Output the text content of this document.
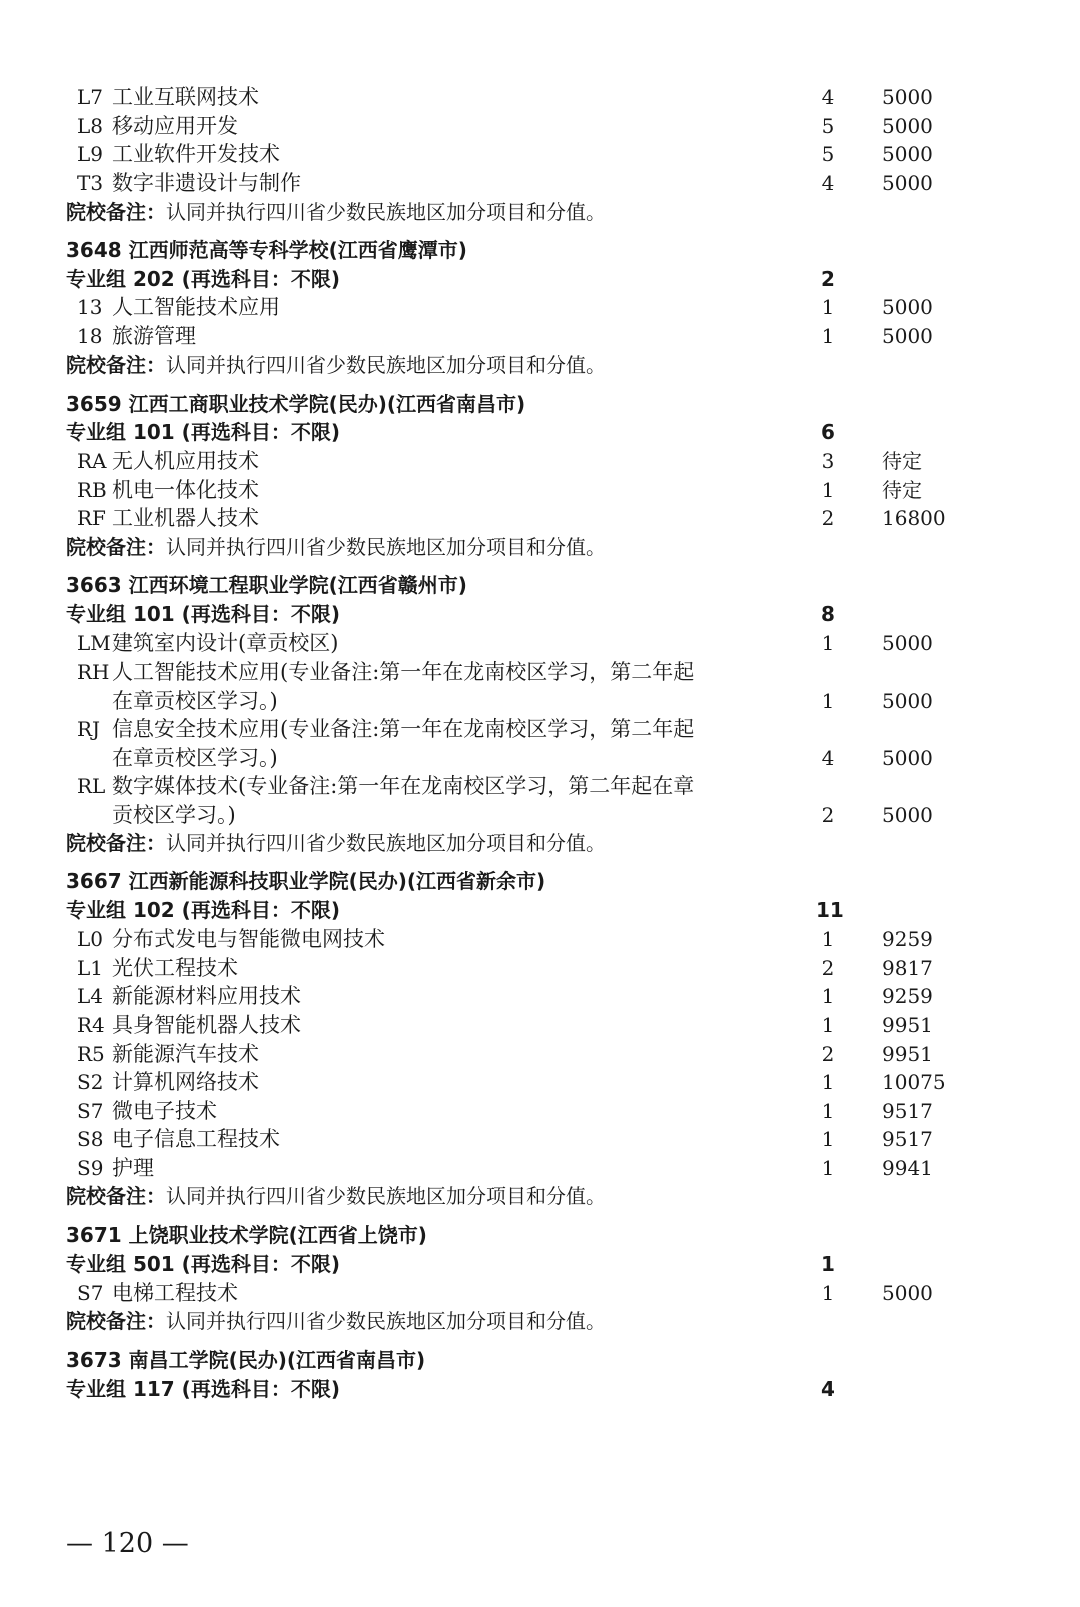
L7 工业互联网技术	4 5000
L8 移动应用开发	5 5000
L9 工业软件开发技术	5 5000
T3 数字非遗设计与制作	4 5000
院校备注：认同并执行四川省少数民族地区加分项目和分值。
3648 江西师范高等专科学校(江西省鹰潭市)
专业组 202 (再选科目：不限)	2
13 人工智能技术应用	1 5000
18 旅游管理	1 5000
院校备注：认同并执行四川省少数民族地区加分项目和分值。
3659 江西工商职业技术学院(民办)(江西省南昌市)
专业组 101 (再选科目：不限)	6
RA 无人机应用技术	3 待定
RB 机电一体化技术	1 待定
RF 工业机器人技术	2 16800
院校备注：认同并执行四川省少数民族地区加分项目和分值。
3663 江西环境工程职业学院(江西省赣州市)
专业组 101 (再选科目：不限)	8
LM 建筑室内设计(章贡校区)	1 5000
RH 人工智能技术应用(专业备注:第一年在龙南校区学习，第二年起
在章贡校区学习。)	1 5000
RJ 信息安全技术应用(专业备注:第一年在龙南校区学习，第二年起
在章贡校区学习。)	4 5000
RL 数字媒体技术(专业备注:第一年在龙南校区学习，第二年起在章
贡校区学习。)	2 5000
院校备注：认同并执行四川省少数民族地区加分项目和分值。
3667 江西新能源科技职业学院(民办)(江西省新余市)
专业组 102 (再选科目：不限)	11
L0 分布式发电与智能微电网技术	1 9259
L1 光伏工程技术	2 9817
L4 新能源材料应用技术	1 9259
R4 具身智能机器人技术	1 9951
R5 新能源汽车技术	2 9951
S2 计算机网络技术	1 10075
S7 微电子技术	1 9517
S8 电子信息工程技术	1 9517
S9 护理	1 9941
院校备注：认同并执行四川省少数民族地区加分项目和分值。
3671 上饶职业技术学院(江西省上饶市)
专业组 501 (再选科目：不限)	1
S7 电梯工程技术	1 5000
院校备注：认同并执行四川省少数民族地区加分项目和分值。
3673 南昌工学院(民办)(江西省南昌市)
专业组 117 (再选科目：不限)	4
— 120 —
